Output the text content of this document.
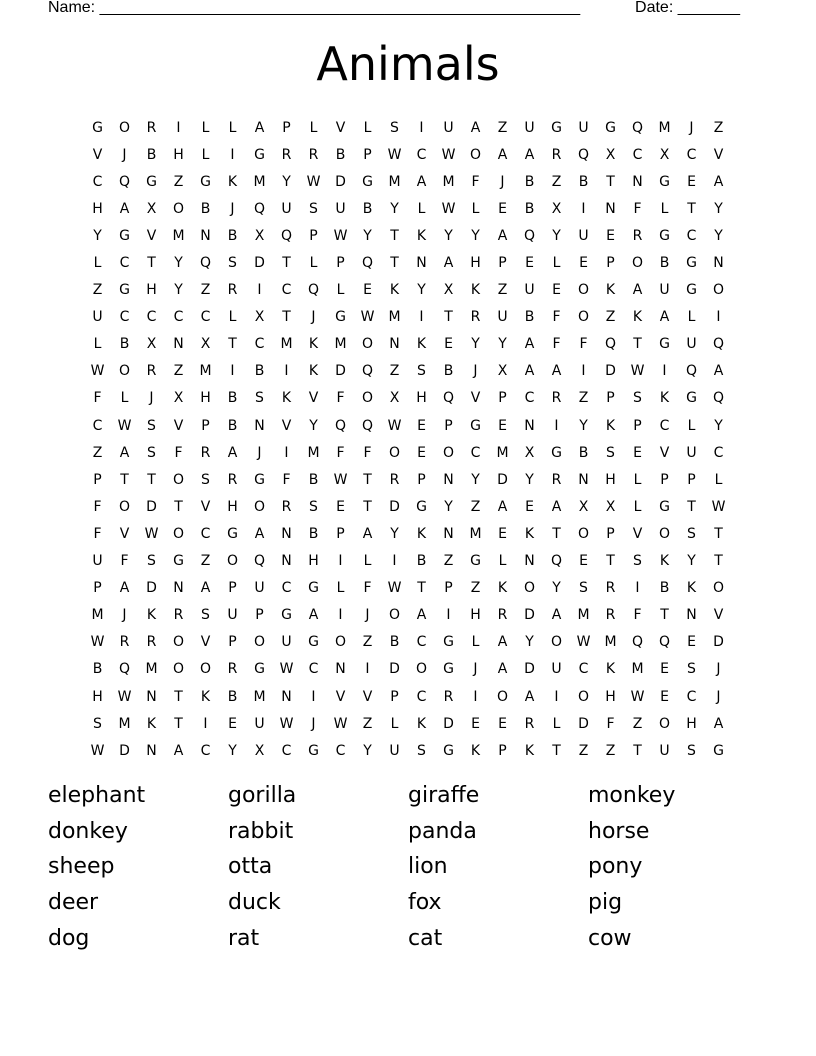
Name: ______________________________________________________	Date: _______
Animals
G	O	R	I	L	L	A	P	L	V	L	S	I	U	A	Z	U	G	U	G	Q	M	J	Z
V	J	B	H	L	I	G	R	R	B	P	W	C	W	O	A	A	R	Q	X	C	X	C	V
C	Q	G	Z	G	K	M	Y	W	D	G	M	A	M	F	J	B	Z	B	T	N	G	E	A
H	A	X	O	B	J	Q	U	S	U	B	Y	L	W	L	E	B	X	I	N	F	L	T	Y
Y	G	V	M	N	B	X	Q	P	W	Y	T	K	Y	Y	A	Q	Y	U	E	R	G	C	Y
L	C	T	Y	Q	S	D	T	L	P	Q	T	N	A	H	P	E	L	E	P	O	B	G	N
Z	G	H	Y	Z	R	I	C	Q	L	E	K	Y	X	K	Z	U	E	O	K	A	U	G	O
U	C	C	C	C	L	X	T	J	G	W	M	I	T	R	U	B	F	O	Z	K	A	L	I
L	B	X	N	X	T	C	M	K	M	O	N	K	E	Y	Y	A	F	F	Q	T	G	U	Q
W	O	R	Z	M	I	B	I	K	D	Q	Z	S	B	J	X	A	A	I	D	W	I	Q	A
F	L	J	X	H	B	S	K	V	F	O	X	H	Q	V	P	C	R	Z	P	S	K	G	Q
C	W	S	V	P	B	N	V	Y	Q	Q	W	E	P	G	E	N	I	Y	K	P	C	L	Y
Z	A	S	F	R	A	J	I	M	F	F	O	E	O	C	M	X	G	B	S	E	V	U	C
P	T	T	O	S	R	G	F	B	W	T	R	P	N	Y	D	Y	R	N	H	L	P	P	L
F	O	D	T	V	H	O	R	S	E	T	D	G	Y	Z	A	E	A	X	X	L	G	T	W
F	V	W	O	C	G	A	N	B	P	A	Y	K	N	M	E	K	T	O	P	V	O	S	T
U	F	S	G	Z	O	Q	N	H	I	L	I	B	Z	G	L	N	Q	E	T	S	K	Y	T
P	A	D	N	A	P	U	C	G	L	F	W	T	P	Z	K	O	Y	S	R	I	B	K	O
M	J	K	R	S	U	P	G	A	I	J	O	A	I	H	R	D	A	M	R	F	T	N	V
W	R	R	O	V	P	O	U	G	O	Z	B	C	G	L	A	Y	O	W	M	Q	Q	E	D
B	Q	M	O	O	R	G	W	C	N	I	D	O	G	J	A	D	U	C	K	M	E	S	J
H	W	N	T	K	B	M	N	I	V	V	P	C	R	I	O	A	I	O	H	W	E	C	J
S	M	K	T	I	E	U	W	J	W	Z	L	K	D	E	E	R	L	D	F	Z	O	H	A
W	D	N	A	C	Y	X	C	G	C	Y	U	S	G	K	P	K	T	Z	Z	T	U	S	G
elephant	gorilla	giraffe	monkey
donkey	rabbit	panda	horse
sheep	otta	lion	pony
deer	duck	fox	pig
dog	rat	cat	cow
